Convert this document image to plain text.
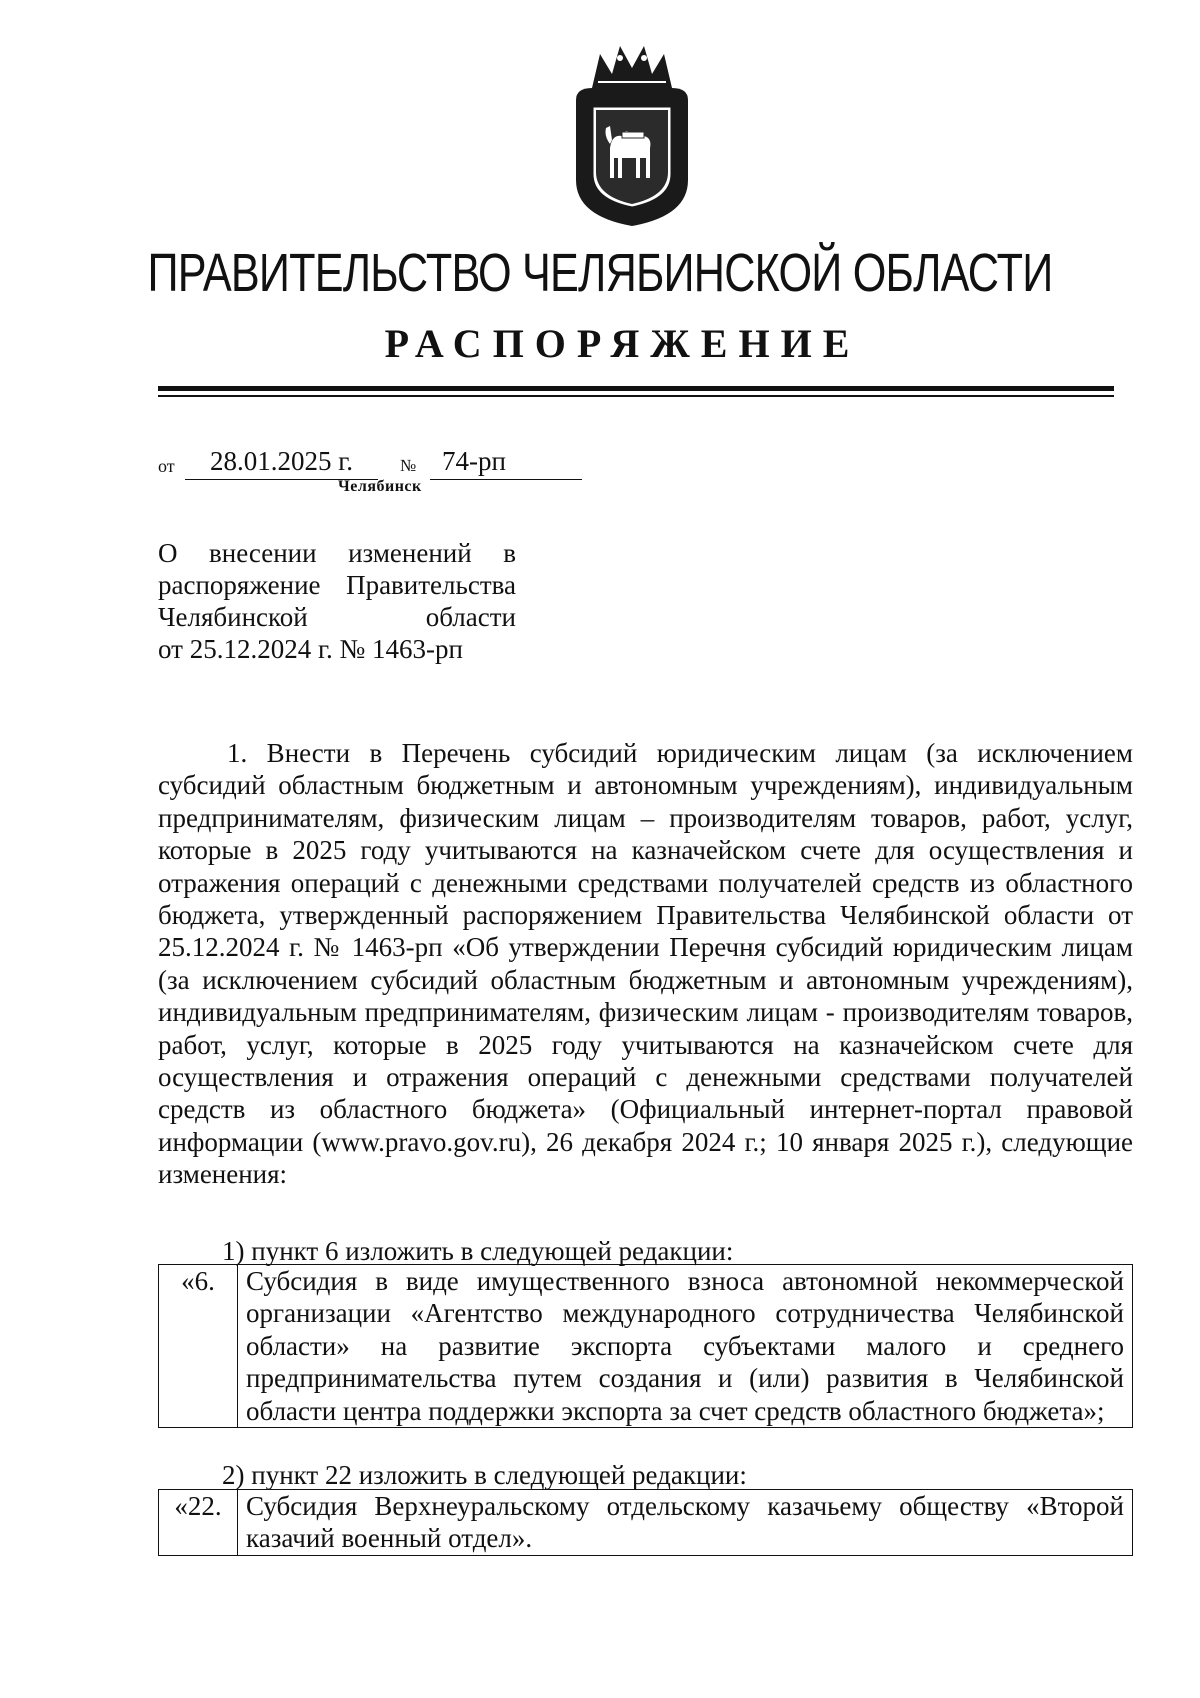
ПРАВИТЕЛЬСТВО ЧЕЛЯБИНСКОЙ ОБЛАСТИ
РАСПОРЯЖЕНИЕ
от	28.01.2025 г.	№ 74-рп
Челябинск

О внесении изменений в

распоряжение Правительства

Челябинской области

от 25.12.2024 г. № 1463-рп

1. Внести в Перечень субсидий юридическим лицам (за исключением субсидий областным бюджетным и автономным учреждениям), индивидуальным предпринимателям, физическим лицам – производителям товаров, работ, услуг, которые в 2025 году учитываются на казначейском счете для осуществления и отражения операций с денежными средствами получателей средств из областного бюджета, утвержденный распоряжением Правительства Челябинской области от 25.12.2024 г. № 1463-рп «Об утверждении Перечня субсидий юридическим лицам (за исключением субсидий областным бюджетным и автономным учреждениям), индивидуальным предпринимателям, физическим лицам - производителям товаров, работ, услуг, которые в 2025 году учитываются на казначейском счете для осуществления и отражения операций с денежными средствами получателей средств из областного бюджета» (Официальный интернет-портал правовой информации (www.pravo.gov.ru), 26 декабря 2024 г.; 10 января 2025 г.), следующие изменения:

1) пункт 6 изложить в следующей редакции:
«6.	Субсидия в виде имущественного взноса автономной некоммерческой организации «Агентство международного сотрудничества Челябинской области» на развитие экспорта субъектами малого и среднего предпринимательства путем создания и (или) развития в Челябинской области центра поддержки экспорта за счет средств областного бюджета»;
2) пункт 22 изложить в следующей редакции:
«22.	Субсидия Верхнеуральскому отдельскому казачьему обществу «Второй казачий военный отдел».
